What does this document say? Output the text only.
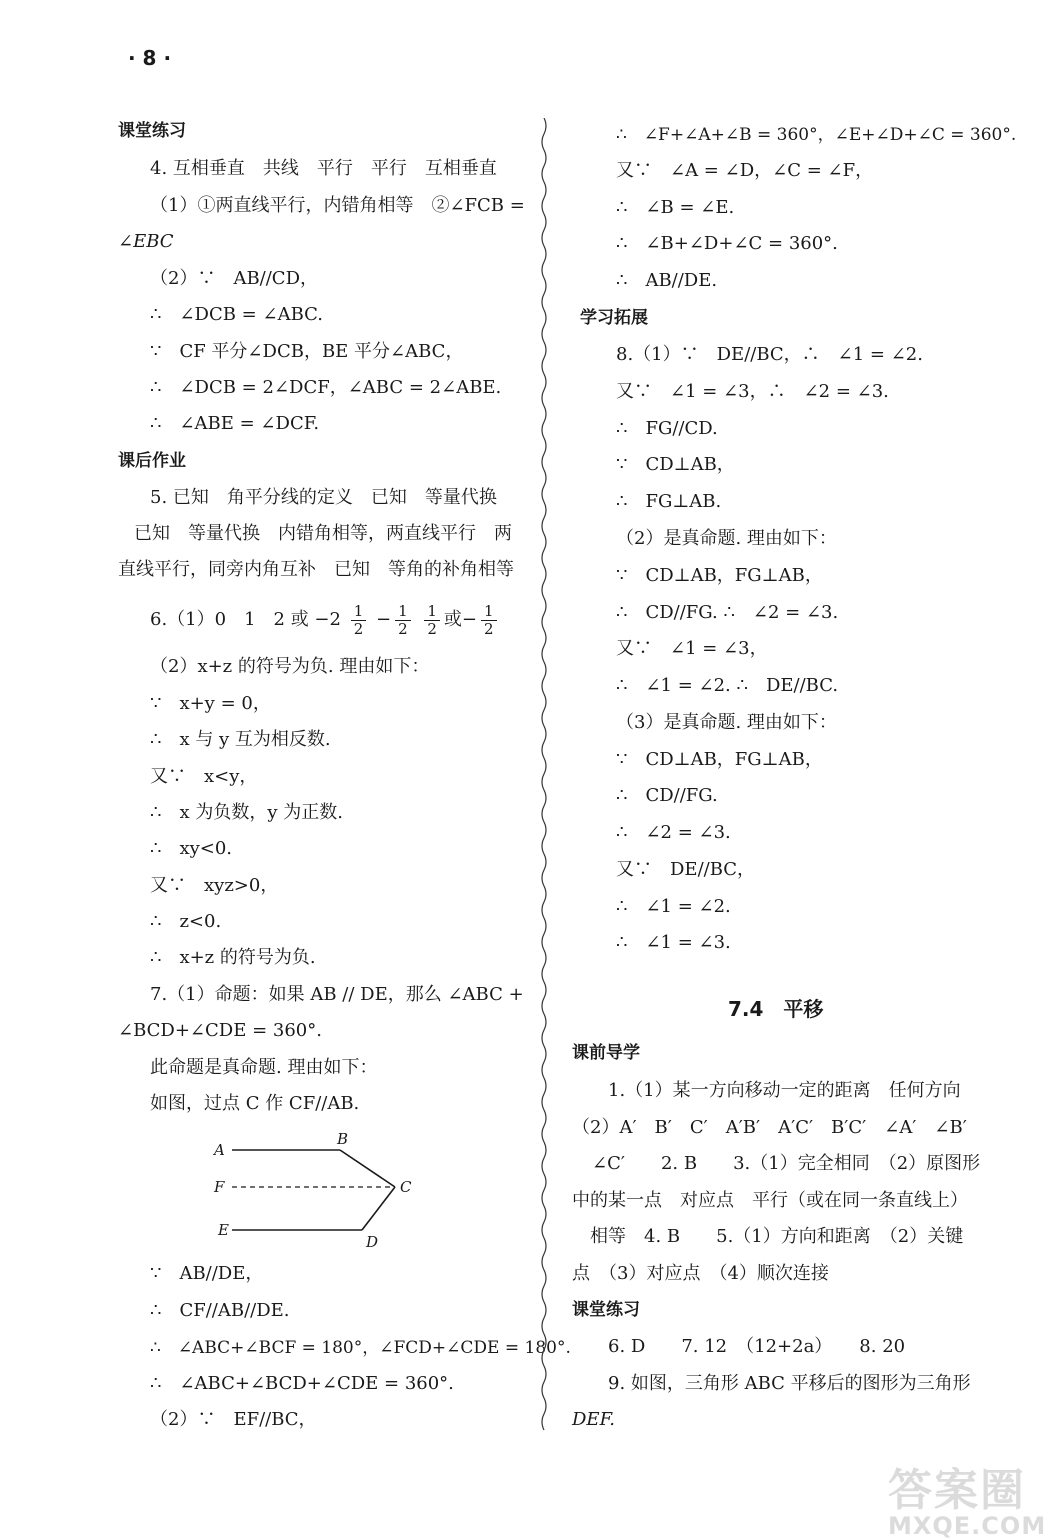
· 8 ·
课堂练习
4. 互相垂直　共线　平行　平行　互相垂直
（1）①两直线平行，内错角相等　②∠FCB =
∠EBC
（2）∵　AB//CD，
∴　∠DCB = ∠ABC.
∵　CF 平分∠DCB，BE 平分∠ABC，
∴　∠DCB = 2∠DCF，∠ABC = 2∠ABE.
∴　∠ABE = ∠DCF.
课后作业
5. 已知　角平分线的定义　已知　等量代换
已知　等量代换　内错角相等，两直线平行　两
直线平行，同旁内角互补　已知　等角的补角相等
6.（1）0　1　2 或 $-2 \frac{1}{2} - \frac{1}{2}$
$\frac{1}{2}$ 或− $\frac{1}{2}$
（2）x+z 的符号为负. 理由如下：
∵　x+y = 0，
∴　x 与 y 互为相反数.
又∵　x<y，
∴　x 为负数，y 为正数.
∴　xy<0.
又∵　xyz>0，
∴　z<0.
∴　x+z 的符号为负.
7.（1）命题：如果 AB // DE，那么 ∠ABC +
∠BCD+∠CDE = 360°.
此命题是真命题. 理由如下：
如图，过点 C 作 CF//AB.
A
B
C
D
E
F
∵　AB//DE，
∴　CF//AB//DE.
∴　∠ABC+∠BCF = 180°，∠FCD+∠CDE = 180°.
∴　∠ABC+∠BCD+∠CDE = 360°.
（2）∵　EF//BC，
∴　∠F+∠A+∠B = 360°，∠E+∠D+∠C = 360°.
又∵　∠A = ∠D，∠C = ∠F，
∴　∠B = ∠E.
∴　∠B+∠D+∠C = 360°.
∴　AB//DE.
学习拓展
8.（1）∵　DE//BC，∴　∠1 = ∠2.
又∵　∠1 = ∠3，∴　∠2 = ∠3.
∴　FG//CD.
∵　CD⊥AB，
∴　FG⊥AB.
（2）是真命题. 理由如下：
∵　CD⊥AB，FG⊥AB，
∴　CD//FG. ∴　∠2 = ∠3.
又∵　∠1 = ∠3，
∴　∠1 = ∠2. ∴　DE//BC.
（3）是真命题. 理由如下：
∵　CD⊥AB，FG⊥AB，
∴　CD//FG.
∴　∠2 = ∠3.
又∵　DE//BC，
∴　∠1 = ∠2.
∴　∠1 = ∠3.
7.4　平移
课前导学
1.（1）某一方向移动一定的距离　任何方向
（2）A′　B′　C′　A′B′　A′C′　B′C′　∠A′　∠B′
∠C′　　2. B　　3.（1）完全相同　（2）原图形
中的某一点　对应点　平行（或在同一条直线上）
相等　4. B　　5.（1）方向和距离　（2）关键
点　（3）对应点　（4）顺次连接
课堂练习
6. D　　7. 12　（12+2a）　　8. 20
9. 如图，三角形 ABC 平移后的图形为三角形
DEF.
答案圈
MXQE.COM
